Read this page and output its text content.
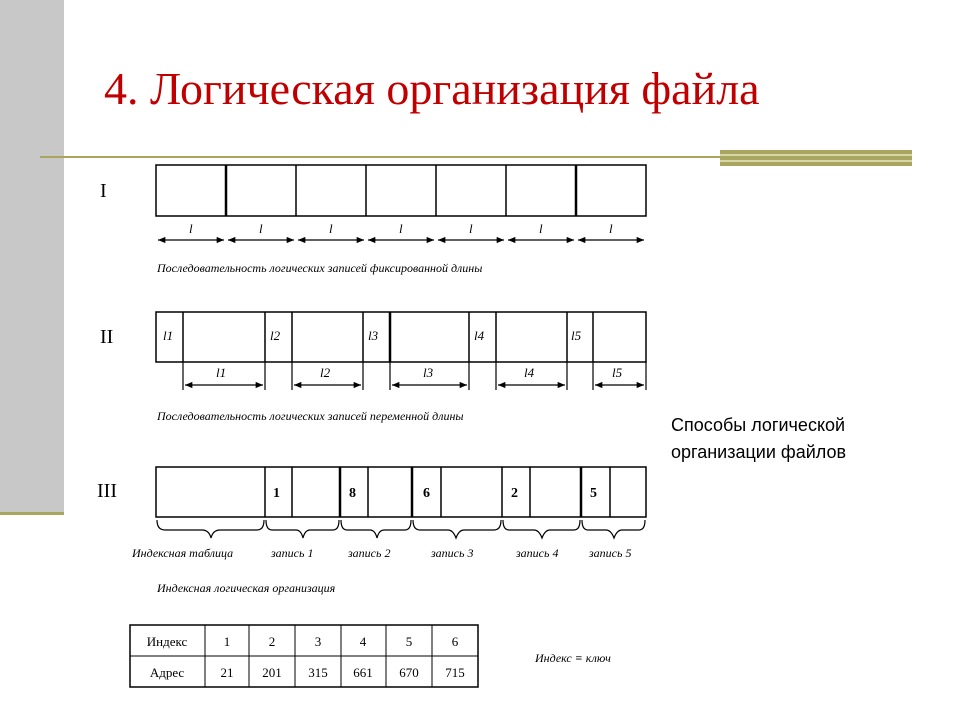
4. Логическая организация файла
Способы логической
организации файлов
I
l	l	l	l	l	l	l
Последовательность логических записей фиксированной длины
II	l1	l2	l3	l4	l5
l1	l2	l3	l4	l5
Последовательность логических записей переменной длины
III	1	8	6	2	5
Индексная таблица	запись 1	запись 2	запись 3	запись 4	запись 5
Индексная логическая организация
Индекс	1	2	3	4	5	6
Адрес	21 201 315 661 670 715
Индекс ≡ ключ
